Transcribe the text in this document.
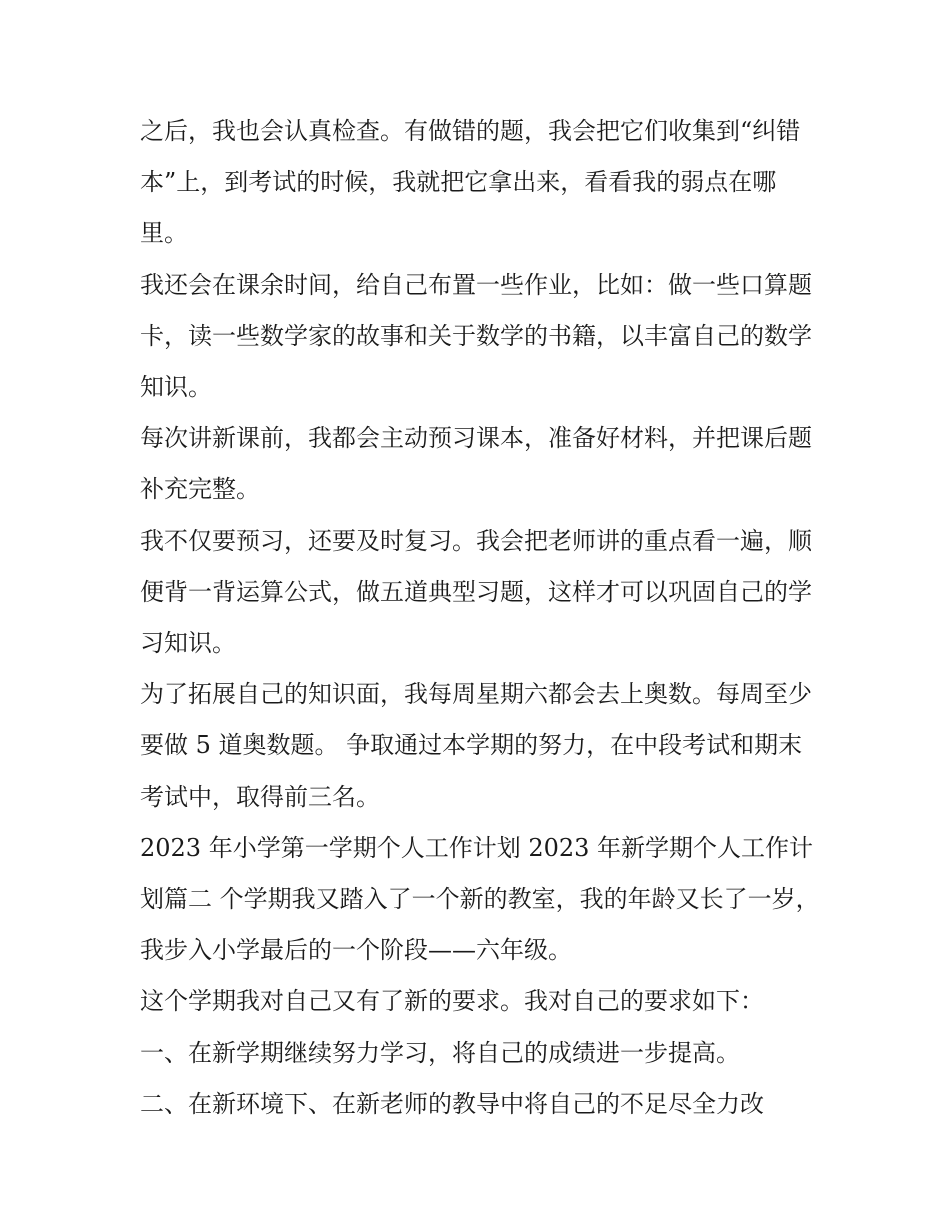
之后，我也会认真检查。有做错的题，我会把它们收集到“纠错本”上，到考试的时候，我就把它拿出来，看看我的弱点在哪里。

我还会在课余时间，给自己布置一些作业，比如：做一些口算题卡，读一些数学家的故事和关于数学的书籍，以丰富自己的数学知识。

每次讲新课前，我都会主动预习课本，准备好材料，并把课后题补充完整。

我不仅要预习，还要及时复习。我会把老师讲的重点看一遍，顺便背一背运算公式，做五道典型习题，这样才可以巩固自己的学习知识。

为了拓展自己的知识面，我每周星期六都会去上奥数。每周至少要做 5 道奥数题。 争取通过本学期的努力，在中段考试和期末考试中，取得前三名。

2023 年小学第一学期个人工作计划 2023 年新学期个人工作计划篇二 个学期我又踏入了一个新的教室，我的年龄又长了一岁，我步入小学最后的一个阶段——六年级。

这个学期我对自己又有了新的要求。我对自己的要求如下：

一、在新学期继续努力学习，将自己的成绩进一步提高。

二、在新环境下、在新老师的教导中将自己的不足尽全力改
